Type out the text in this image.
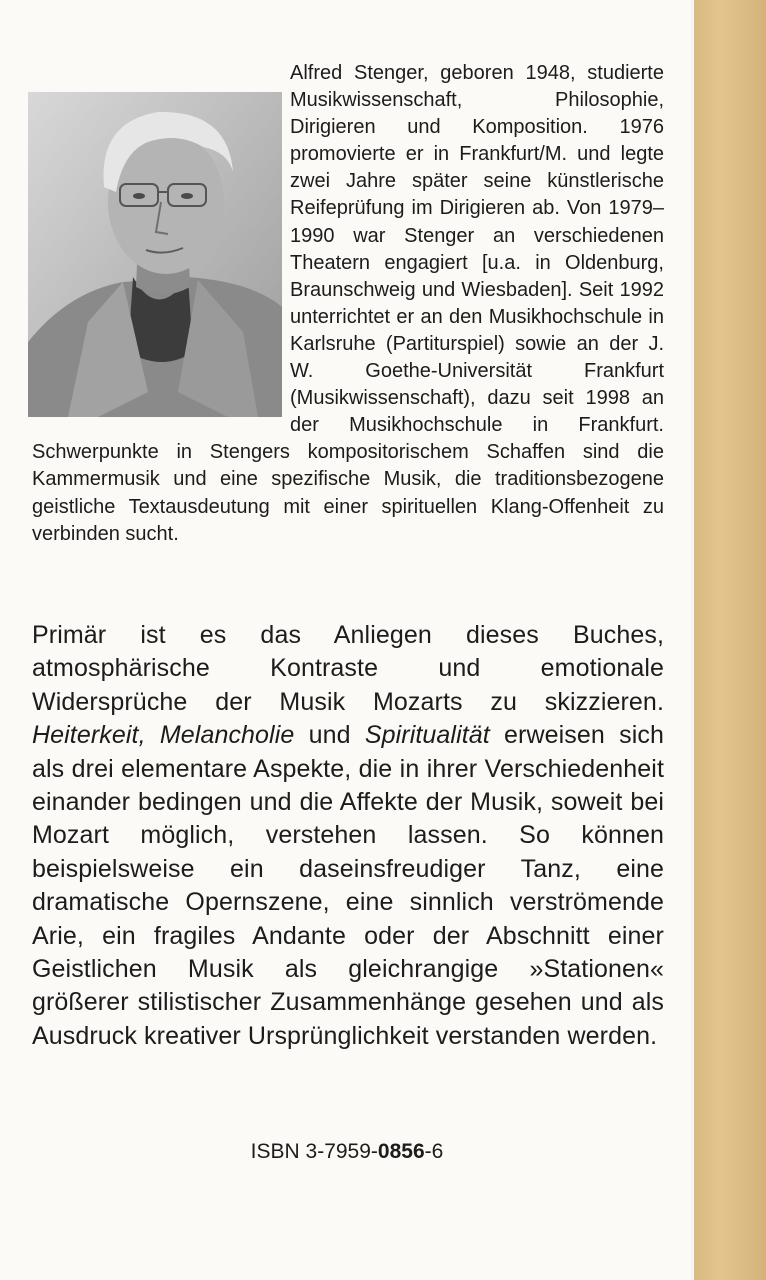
Alfred Stenger, geboren 1948, studierte Musikwissenschaft, Philosophie, Dirigieren und Komposition. 1976 promovierte er in Frankfurt/M. und legte zwei Jahre später seine künstlerische Reifeprüfung im Dirigieren ab. Von 1979–1990 war Stenger an verschiedenen Theatern engagiert [u.a. in Oldenburg, Braunschweig und Wiesbaden]. Seit 1992 unterrichtet er an den Musikhochschule in Karlsruhe (Partiturspiel) sowie an der J. W. Goethe-Universität Frankfurt (Musikwissenschaft), dazu seit 1998 an der Musikhochschule in Frankfurt. Schwerpunkte in Stengers kompositorischem Schaffen sind die Kammermusik und eine spezifische Musik, die traditionsbezogene geistliche Textausdeutung mit einer spirituellen Klang-Offenheit zu verbinden sucht.

Primär ist es das Anliegen dieses Buches, atmosphärische Kontraste und emotionale Widersprüche der Musik Mozarts zu skizzieren. Heiterkeit, Melancholie und Spiritualität erweisen sich als drei elementare Aspekte, die in ihrer Verschiedenheit einander bedingen und die Affekte der Musik, soweit bei Mozart möglich, verstehen lassen. So können beispielsweise ein daseinsfreudiger Tanz, eine dramatische Opernszene, eine sinnlich verströmende Arie, ein fragiles Andante oder der Abschnitt einer Geistlichen Musik als gleichrangige »Stationen« größerer stilistischer Zusammenhänge gesehen und als Ausdruck kreativer Ursprünglichkeit verstanden werden.

ISBN 3-7959-0856-6
